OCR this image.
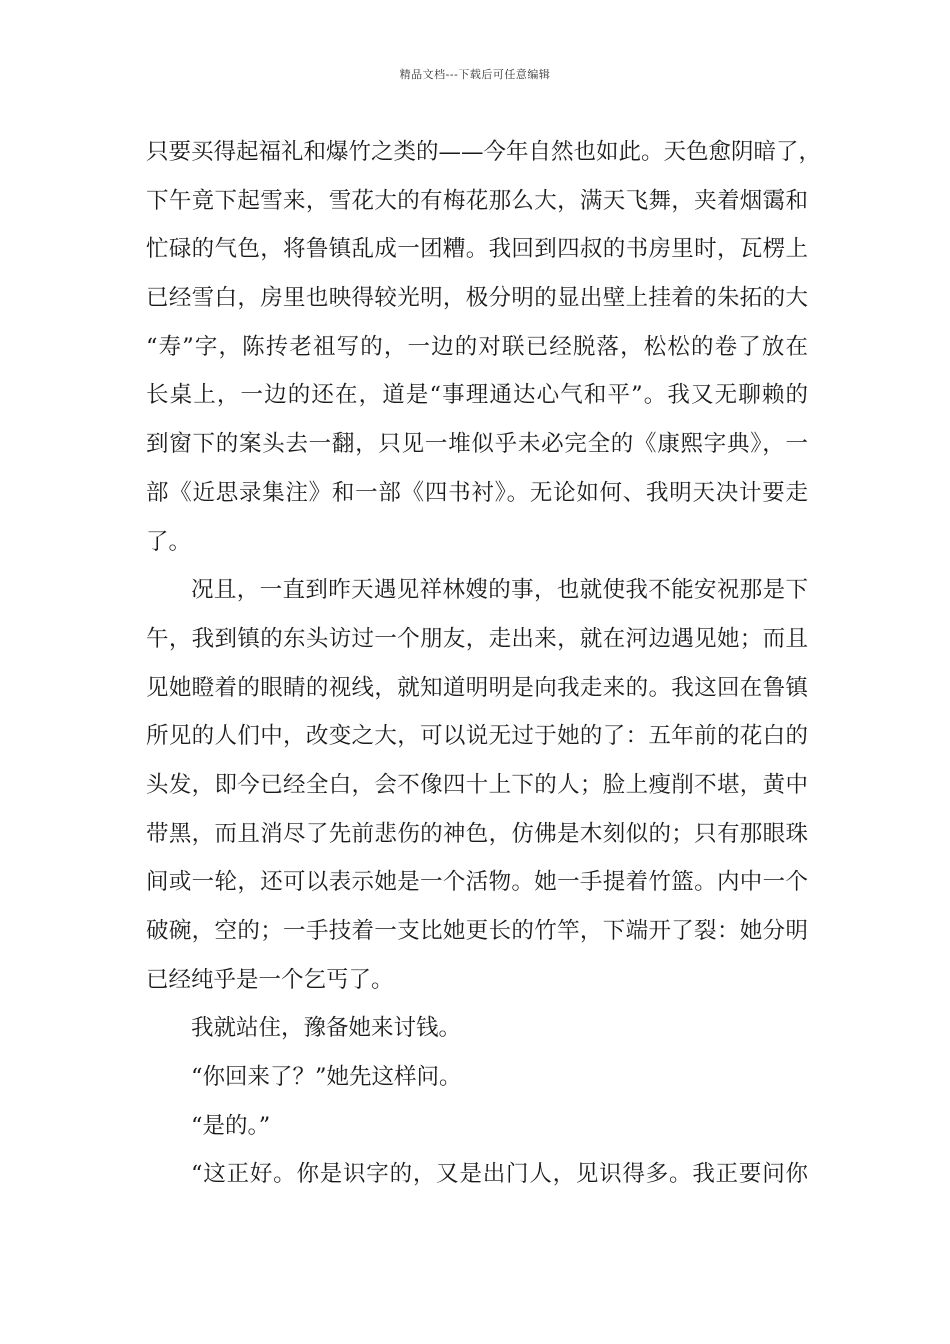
精品文档---下载后可任意编辑
只要买得起福礼和爆竹之类的——今年自然也如此。天色愈阴暗了，
下午竟下起雪来，雪花大的有梅花那么大，满天飞舞，夹着烟霭和
忙碌的气色，将鲁镇乱成一团糟。我回到四叔的书房里时，瓦楞上
已经雪白，房里也映得较光明，极分明的显出壁上挂着的朱拓的大
“寿”字，陈抟老祖写的，一边的对联已经脱落，松松的卷了放在
长桌上，一边的还在，道是“事理通达心气和平”。我又无聊赖的
到窗下的案头去一翻，只见一堆似乎未必完全的《康熙字典》，一
部《近思录集注》和一部《四书衬》。无论如何、我明天决计要走
了。
况且，一直到昨天遇见祥林嫂的事，也就使我不能安祝那是下
午，我到镇的东头访过一个朋友，走出来，就在河边遇见她；而且
见她瞪着的眼睛的视线，就知道明明是向我走来的。我这回在鲁镇
所见的人们中，改变之大，可以说无过于她的了：五年前的花白的
头发，即今已经全白，会不像四十上下的人；脸上瘦削不堪，黄中
带黑，而且消尽了先前悲伤的神色，仿佛是木刻似的；只有那眼珠
间或一轮，还可以表示她是一个活物。她一手提着竹篮。内中一个
破碗，空的；一手技着一支比她更长的竹竿，下端开了裂：她分明
已经纯乎是一个乞丐了。
我就站住，豫备她来讨钱。
“你回来了？”她先这样问。
“是的。”
“这正好。你是识字的，又是出门人，见识得多。我正要问你
